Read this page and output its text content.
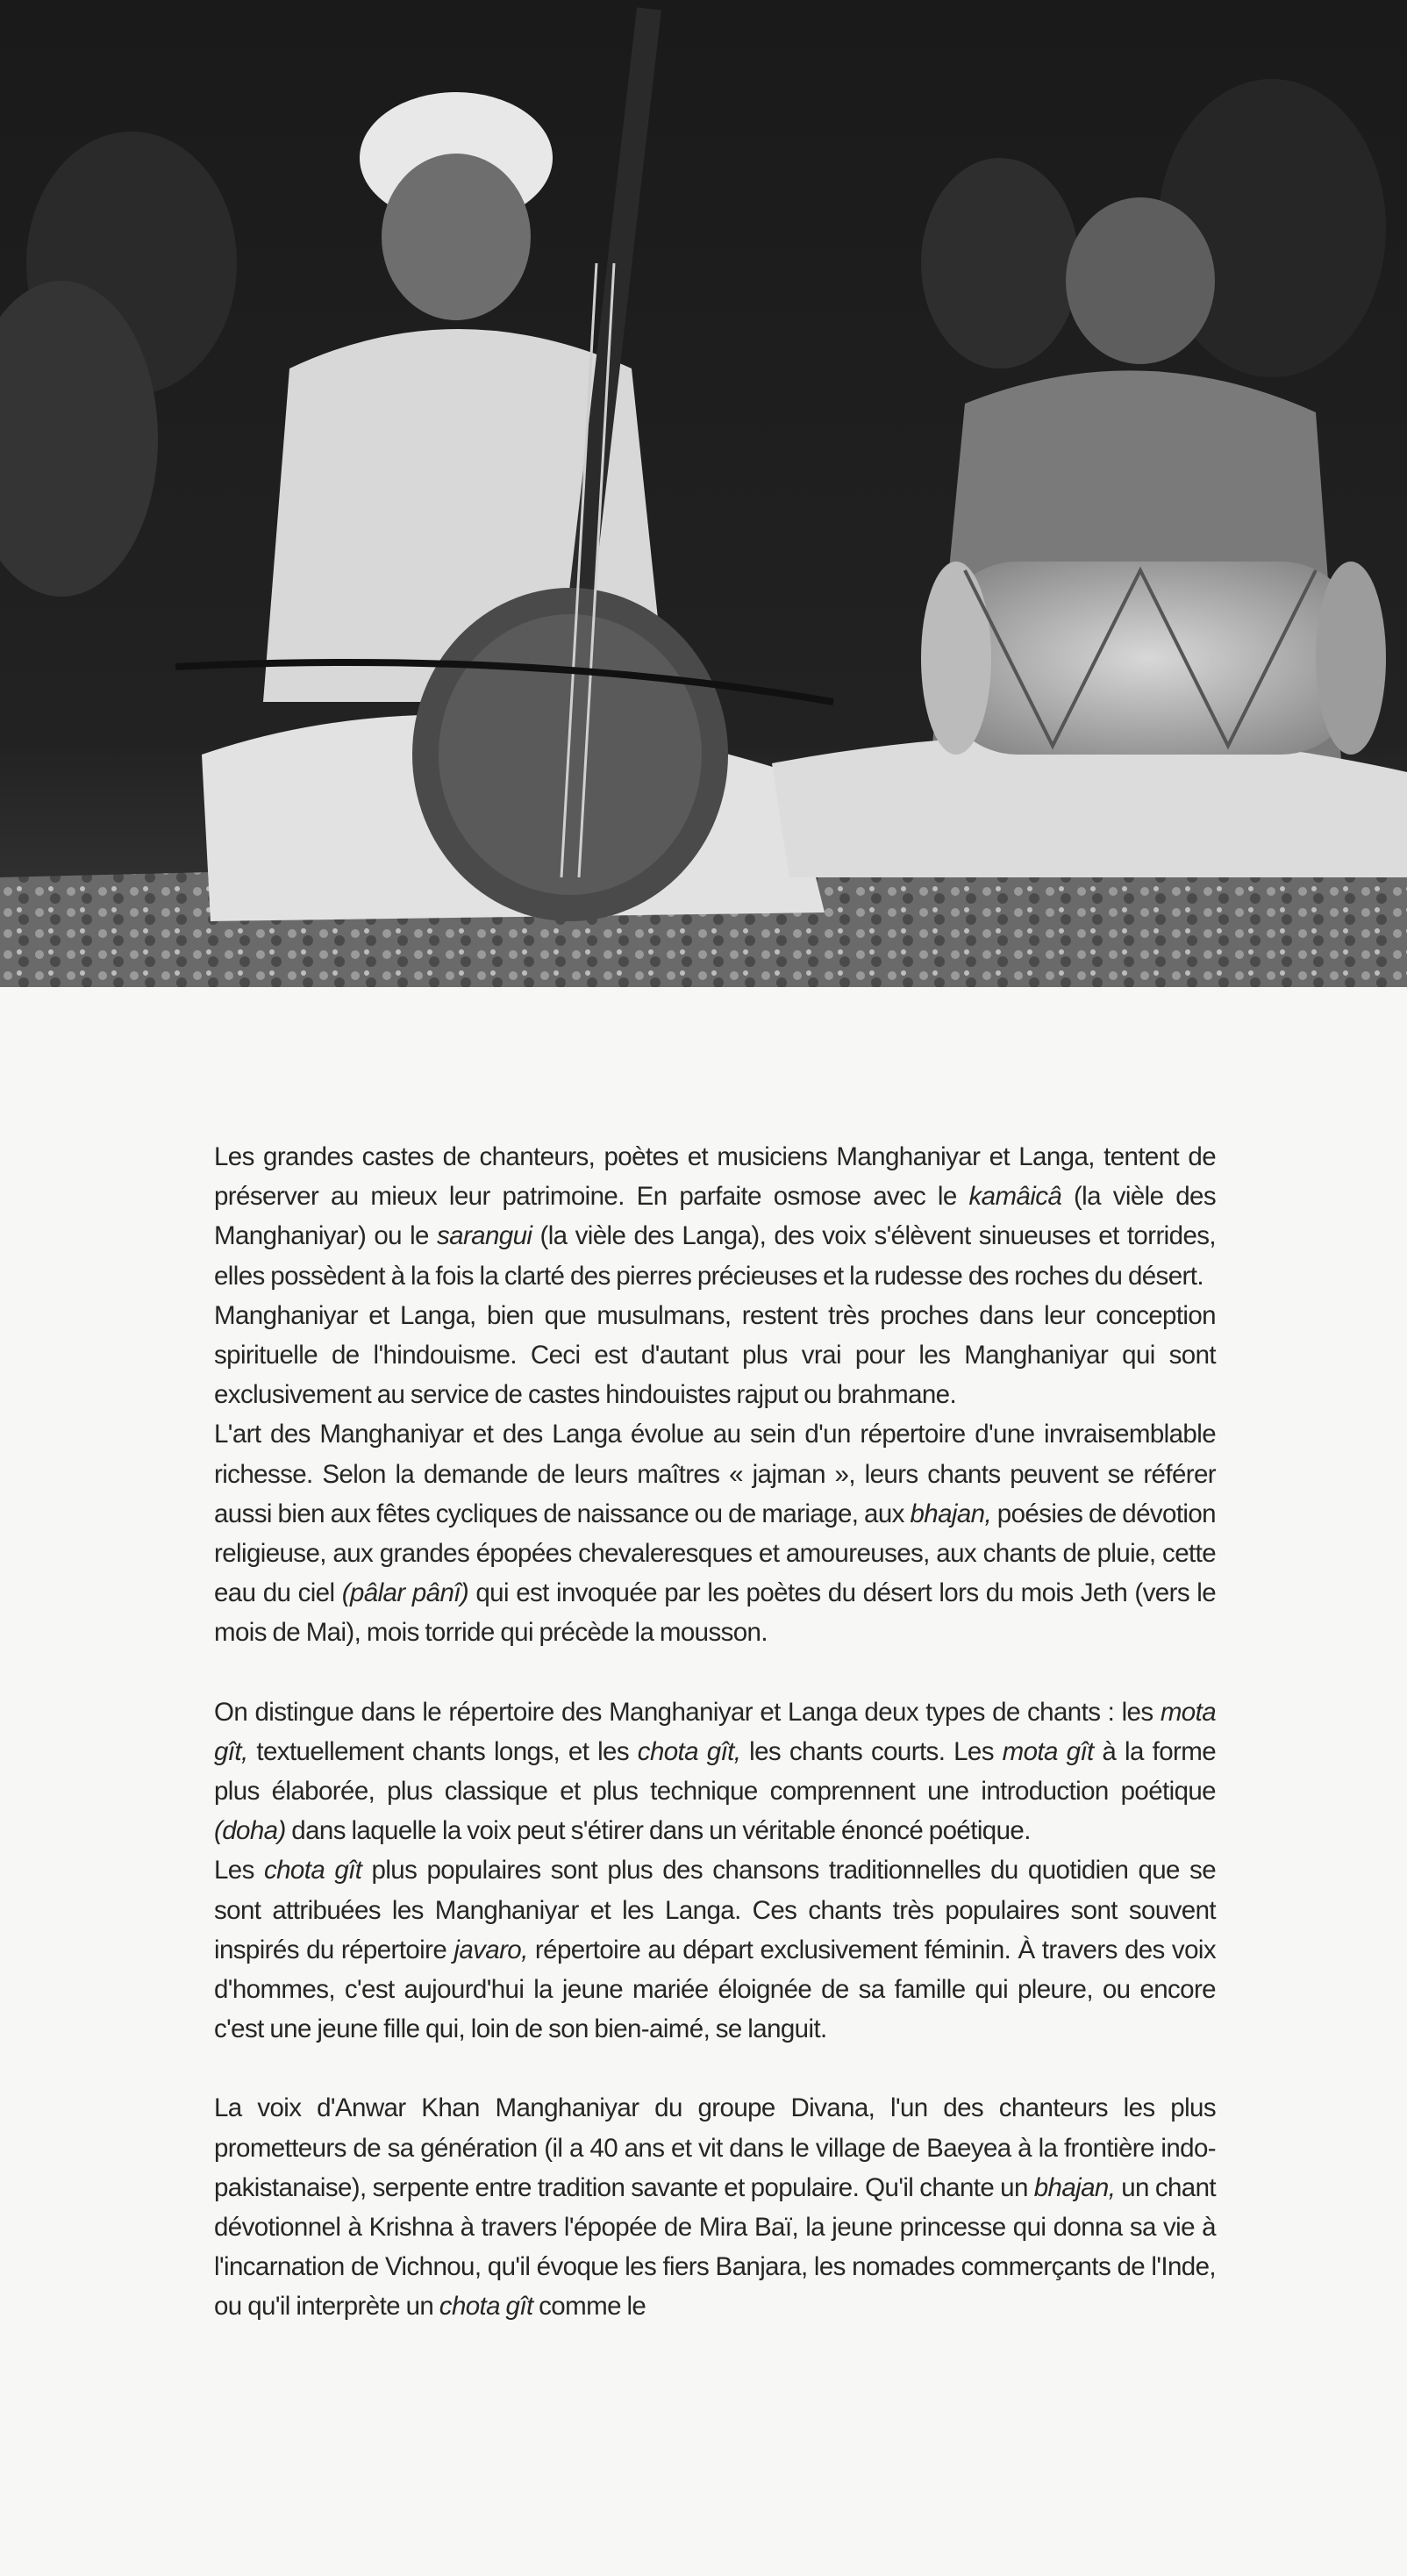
Les grandes castes de chanteurs, poètes et musiciens Manghaniyar et Langa, tentent de préserver au mieux leur patrimoine. En parfaite osmose avec le kamâicâ (la vièle des Manghaniyar) ou le sarangui (la vièle des Langa), des voix s'élèvent sinueuses et torrides, elles possèdent à la fois la clarté des pierres précieuses et la rudesse des roches du désert.

Manghaniyar et Langa, bien que musulmans, restent très proches dans leur conception spirituelle de l'hindouisme. Ceci est d'autant plus vrai pour les Manghaniyar qui sont exclusivement au service de castes hindouistes rajput ou brahmane.

L'art des Manghaniyar et des Langa évolue au sein d'un répertoire d'une invraisemblable richesse. Selon la demande de leurs maîtres « jajman », leurs chants peuvent se référer aussi bien aux fêtes cycliques de naissance ou de mariage, aux bhajan, poésies de dévotion religieuse, aux grandes épopées chevaleresques et amoureuses, aux chants de pluie, cette eau du ciel (pâlar pânî) qui est invoquée par les poètes du désert lors du mois Jeth (vers le mois de Mai), mois torride qui précède la mousson.

On distingue dans le répertoire des Manghaniyar et Langa deux types de chants : les mota gît, textuellement chants longs, et les chota gît, les chants courts. Les mota gît à la forme plus élaborée, plus classique et plus technique comprennent une introduction poétique (doha) dans laquelle la voix peut s'étirer dans un véritable énoncé poétique.

Les chota gît plus populaires sont plus des chansons traditionnelles du quotidien que se sont attribuées les Manghaniyar et les Langa. Ces chants très populaires sont souvent inspirés du répertoire javaro, répertoire au départ exclusivement féminin. À travers des voix d'hommes, c'est aujourd'hui la jeune mariée éloignée de sa famille qui pleure, ou encore c'est une jeune fille qui, loin de son bien-aimé, se languit.

La voix d'Anwar Khan Manghaniyar du groupe Divana, l'un des chanteurs les plus prometteurs de sa génération (il a 40 ans et vit dans le village de Baeyea à la frontière indo-pakistanaise), serpente entre tradition savante et populaire. Qu'il chante un bhajan, un chant dévotionnel à Krishna à travers l'épopée de Mira Baï, la jeune princesse qui donna sa vie à l'incarnation de Vichnou, qu'il évoque les fiers Banjara, les nomades commerçants de l'Inde, ou qu'il interprète un chota gît comme le
